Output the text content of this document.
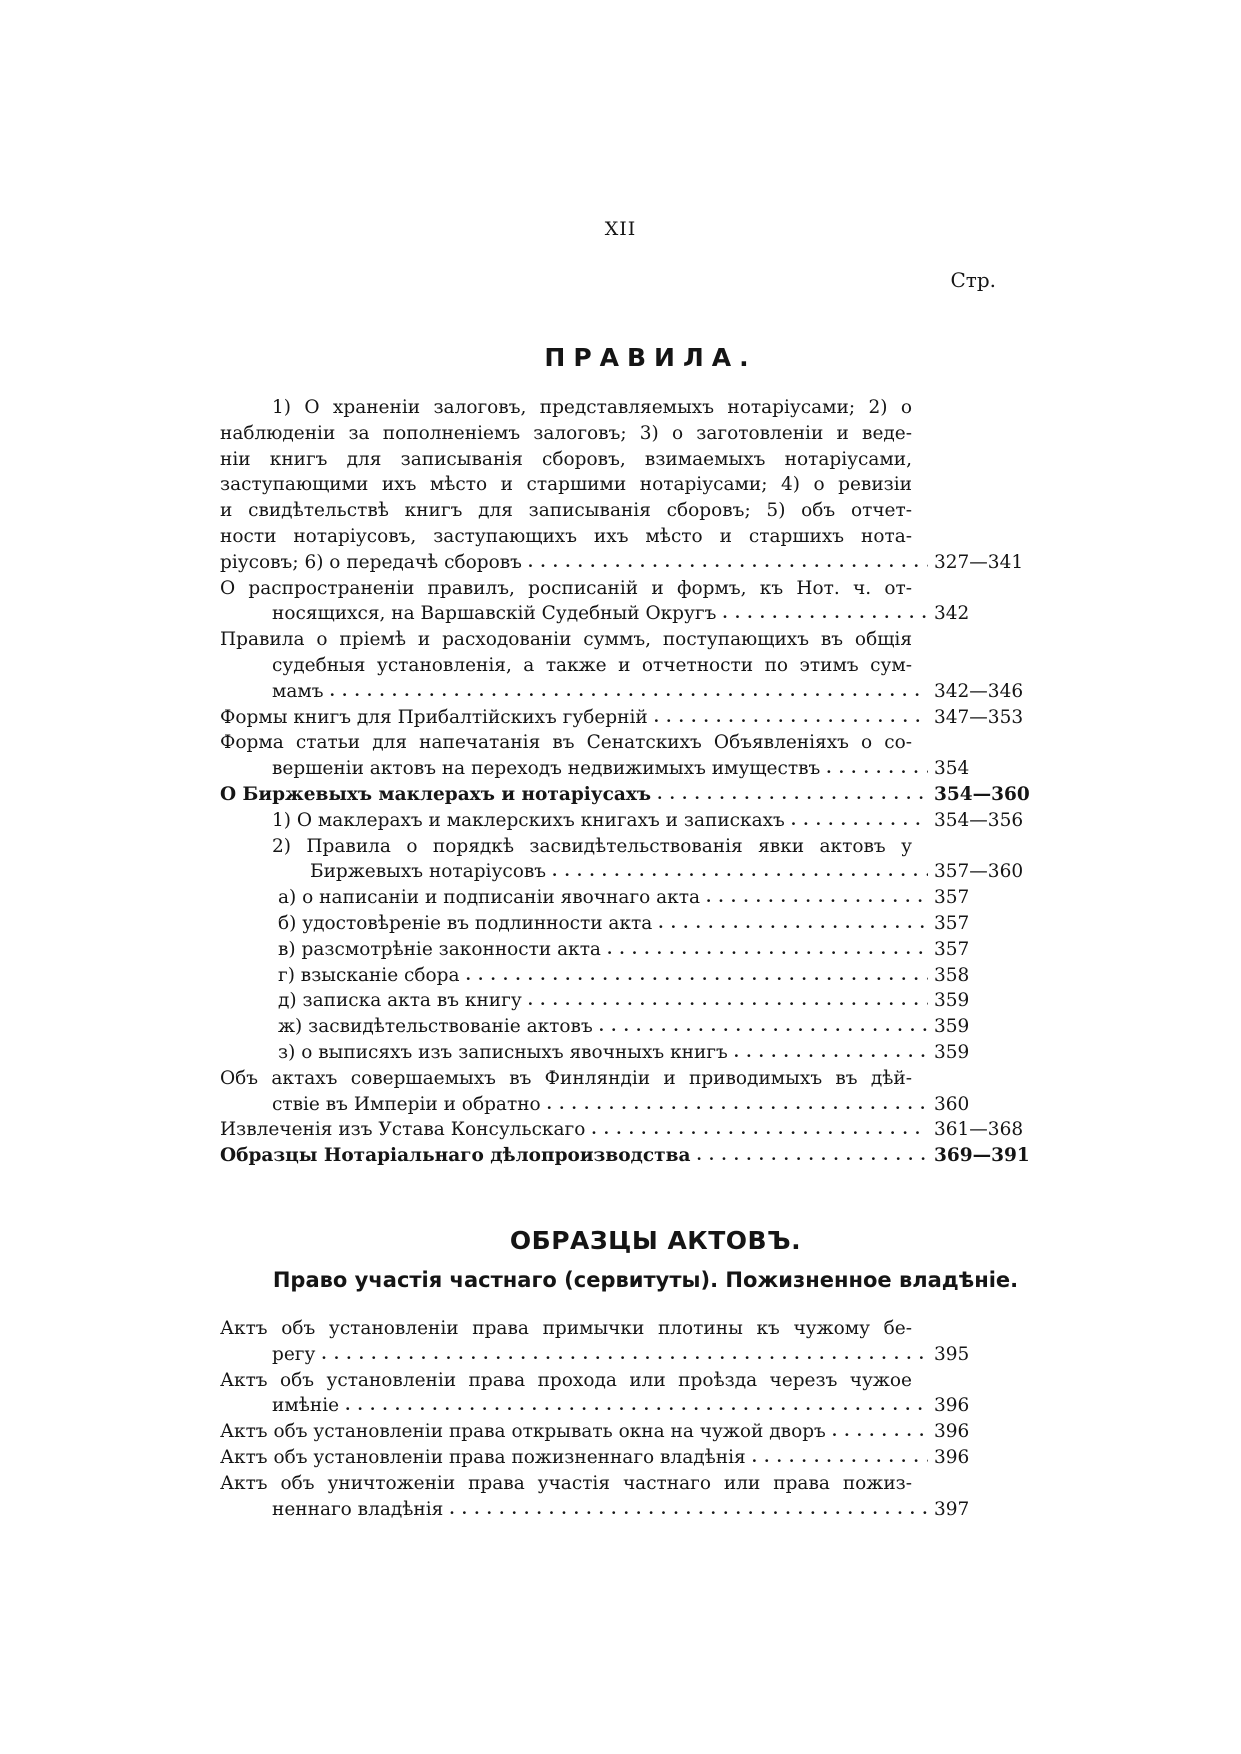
XII
Стр.
ПРАВИЛА.
1) О храненіи залоговъ, представляемыхъ нотаріусами; 2) о
наблюденіи за пополненіемъ залоговъ; 3) о заготовленіи и веде-
ніи книгъ для записыванія сборовъ, взимаемыхъ нотаріусами,
заступающими ихъ мѣсто и старшими нотаріусами; 4) о ревизіи
и свидѣтельствѣ книгъ для записыванія сборовъ; 5) объ отчет-
ности нотаріусовъ, заступающихъ ихъ мѣсто и старшихъ нота-
ріусовъ; 6) о передачѣ сборовъ . . .	327—341
О распространеніи правилъ, росписаній и формъ, къ Нот. ч. от-
носящихся, на Варшавскій Судебный Округъ . . .	342
Правила о пріемѣ и расходованіи суммъ, поступающихъ въ общія
судебныя установленія, а также и отчетности по этимъ сум-
мамъ . . .	342—346
Формы книгъ для Прибалтійскихъ губерній . . .	347—353
Форма статьи для напечатанія въ Сенатскихъ Объявленіяхъ о со-
вершеніи актовъ на переходъ недвижимыхъ имуществъ . . .	354
О Биржевыхъ маклерахъ и нотаріусахъ . . .	354—360
1) О маклерахъ и маклерскихъ книгахъ и запискахъ . . .	354—356
2) Правила о порядкѣ засвидѣтельствованія явки актовъ у
Биржевыхъ нотаріусовъ . . .	357—360
а) о написаніи и подписаніи явочнаго акта . . .	357
б) удостовѣреніе въ подлинности акта . . .	357
в) разсмотрѣніе законности акта . . .	357
г) взысканіе сбора . . .	358
д) записка акта въ книгу . . .	359
ж) засвидѣтельствованіе актовъ . . .	359
з) о выписяхъ изъ записныхъ явочныхъ книгъ . . .	359
Объ актахъ совершаемыхъ въ Финляндіи и приводимыхъ въ дѣй-
ствіе въ Имперіи и обратно . . .	360
Извлеченія изъ Устава Консульскаго . . .	361—368
Образцы Нотаріальнаго дѣлопроизводства . . .	369—391
ОБРАЗЦЫ АКТОВЪ.
Право участія частнаго (сервитуты). Пожизненное владѣніе.
Актъ объ установленіи права примычки плотины къ чужому бе-
регу . . .	395
Актъ объ установленіи права прохода или проѣзда черезъ чужое
имѣніе . . .	396
Актъ объ установленіи права открывать окна на чужой дворъ . . .	396
Актъ объ установленіи права пожизненнаго владѣнія . . .	396
Актъ объ уничтоженіи права участія частнаго или права пожиз-
неннаго владѣнія . . .	397
